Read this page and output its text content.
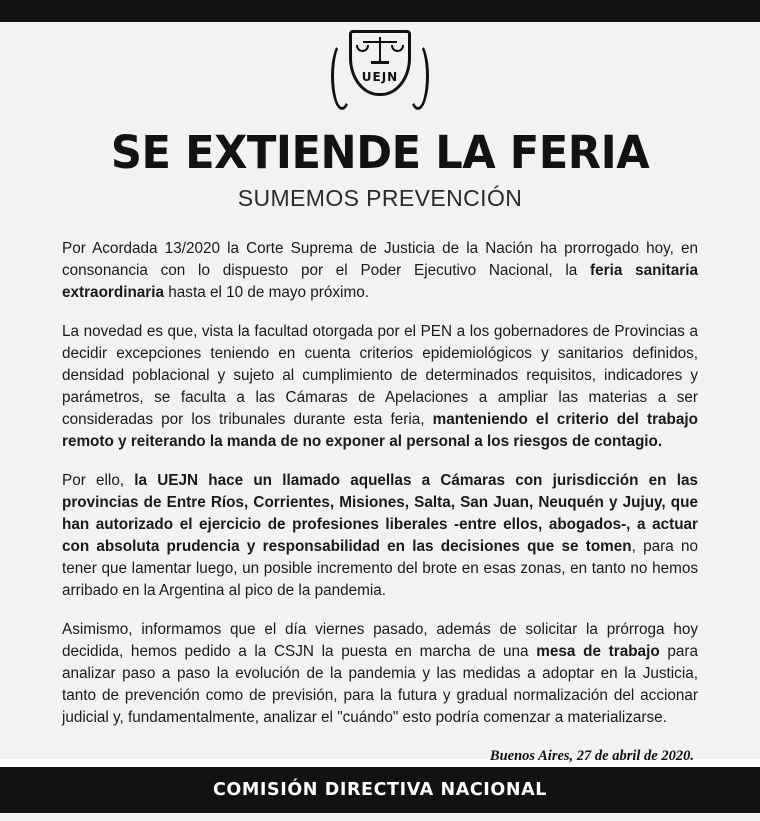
UEJN
SE EXTIENDE LA FERIA
SUMEMOS PREVENCIÓN

Por Acordada 13/2020 la Corte Suprema de Justicia de la Nación ha prorrogado hoy, en consonancia con lo dispuesto por el Poder Ejecutivo Nacional, la feria sanitaria extraordinaria hasta el 10 de mayo próximo.

La novedad es que, vista la facultad otorgada por el PEN a los gobernadores de Provincias a decidir excepciones teniendo en cuenta criterios epidemiológicos y sanitarios definidos, densidad poblacional y sujeto al cumplimiento de determinados requisitos, indicadores y parámetros, se faculta a las Cámaras de Apelaciones a ampliar las materias a ser consideradas por los tribunales durante esta feria, manteniendo el criterio del trabajo remoto y reiterando la manda de no exponer al personal a los riesgos de contagio.

Por ello, la UEJN hace un llamado aquellas a Cámaras con jurisdicción en las provincias de Entre Ríos, Corrientes, Misiones, Salta, San Juan, Neuquén y Jujuy, que han autorizado el ejercicio de profesiones liberales -entre ellos, abogados-, a actuar con absoluta prudencia y responsabilidad en las decisiones que se tomen, para no tener que lamentar luego, un posible incremento del brote en esas zonas, en tanto no hemos arribado en la Argentina al pico de la pandemia.

Asimismo, informamos que el día viernes pasado, además de solicitar la prórroga hoy decidida, hemos pedido a la CSJN la puesta en marcha de una mesa de trabajo para analizar paso a paso la evolución de la pandemia y las medidas a adoptar en la Justicia, tanto de prevención como de previsión, para la futura y gradual normalización del accionar judicial y, fundamentalmente, analizar el "cuándo" esto podría comenzar a materializarse.

Buenos Aires, 27 de abril de 2020.
COMISIÓN DIRECTIVA NACIONAL
